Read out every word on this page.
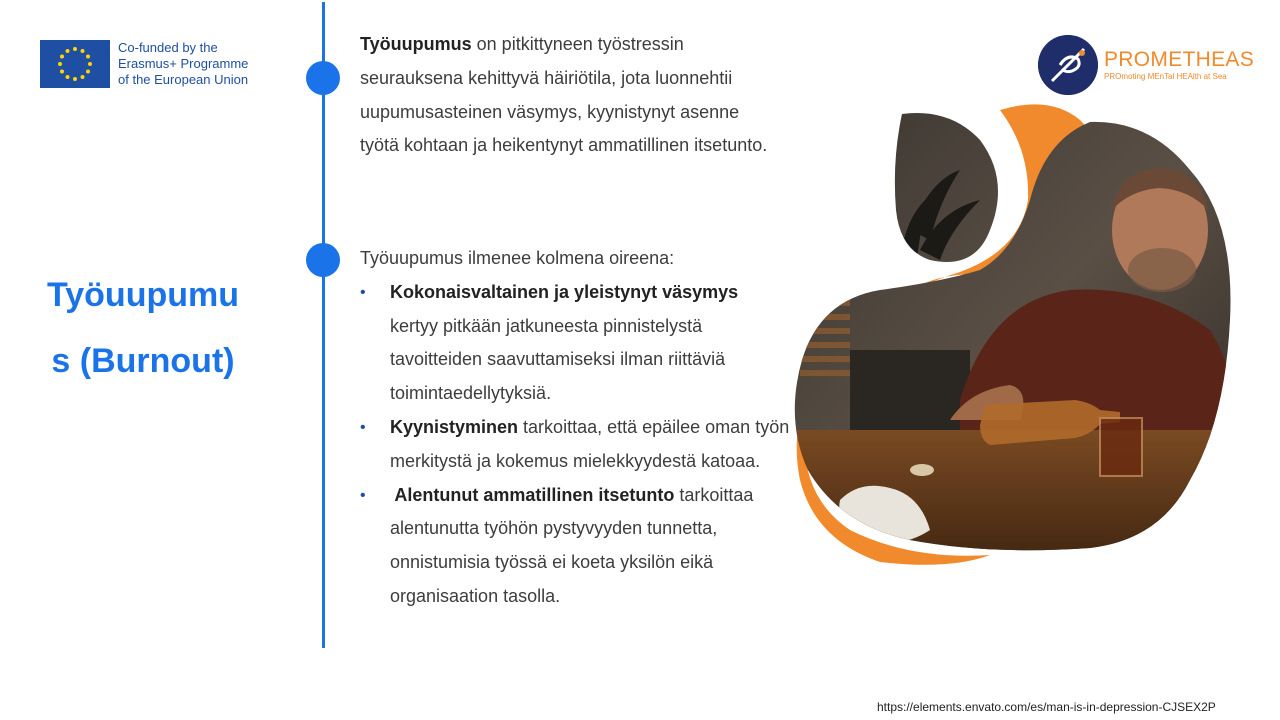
Co-funded by the
Erasmus+ Programme
of the European Union
Työuupumu
s (Burnout)
Työuupumus on pitkittyneen työstressin seurauksena kehittyvä häiriötila, jota luonnehtii uupumusasteinen väsymys, kyynistynyt asenne työtä kohtaan ja heikentynyt ammatillinen itsetunto.
Työuupumus ilmenee kolmena oireena:
• Kokonaisvaltainen ja yleistynyt väsymys kertyy pitkään jatkuneesta pinnistelystä tavoitteiden saavuttamiseksi ilman riittäviä toimintaedellytyksiä.
• Kyynistyminen tarkoittaa, että epäilee oman työn merkitystä ja kokemus mielekkyydestä katoaa.
• Alentunut ammatillinen itsetunto tarkoittaa alentunutta työhön pystyvyyden tunnetta, onnistumisia työssä ei koeta yksilön eikä organisaation tasolla.
PROMETHEAS
PROmoting MEnTal HEAlth at Sea
https://elements.envato.com/es/man-is-in-depression-CJSEX2P
